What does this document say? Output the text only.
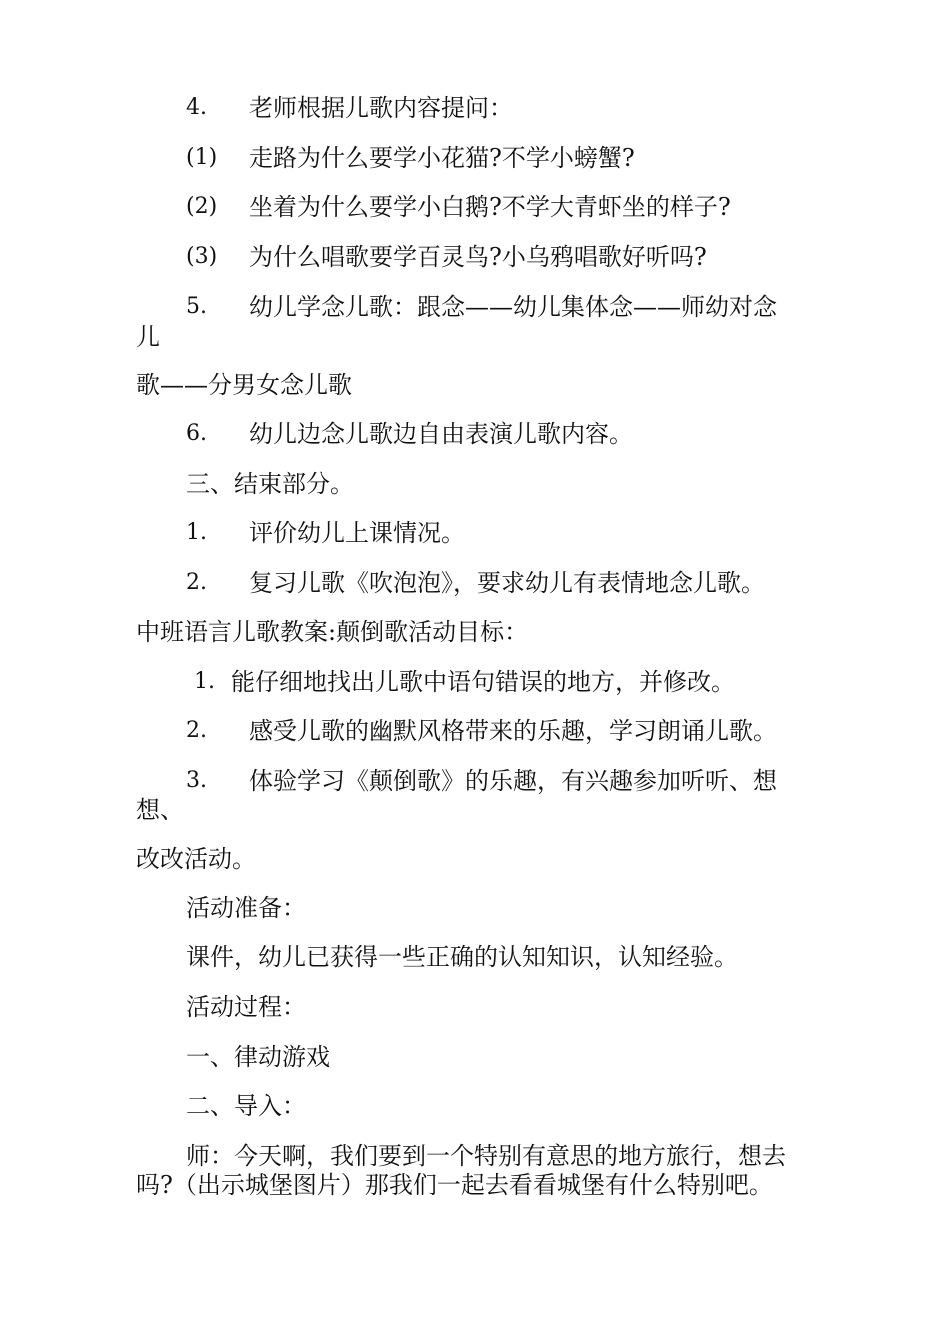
4. 老师根据儿歌内容提问：
(1) 走路为什么要学小花猫?不学小螃蟹?
(2) 坐着为什么要学小白鹅?不学大青虾坐的样子?
(3) 为什么唱歌要学百灵鸟?小乌鸦唱歌好听吗?
5. 幼儿学念儿歌：跟念——幼儿集体念——师幼对念
儿
歌——分男女念儿歌
6. 幼儿边念儿歌边自由表演儿歌内容。
三、结束部分。
1. 评价幼儿上课情况。
2. 复习儿歌《吹泡泡》，要求幼儿有表情地念儿歌。
中班语言儿歌教案:颠倒歌活动目标：
1. 能仔细地找出儿歌中语句错误的地方，并修改。
2. 感受儿歌的幽默风格带来的乐趣，学习朗诵儿歌。
3. 体验学习《颠倒歌》的乐趣，有兴趣参加听听、想
想、
改改活动。
活动准备：
课件，幼儿已获得一些正确的认知知识，认知经验。
活动过程：
一、律动游戏
二、导入：
师：今天啊，我们要到一个特别有意思的地方旅行，想去
吗?（出示城堡图片）那我们一起去看看城堡有什么特别吧。
